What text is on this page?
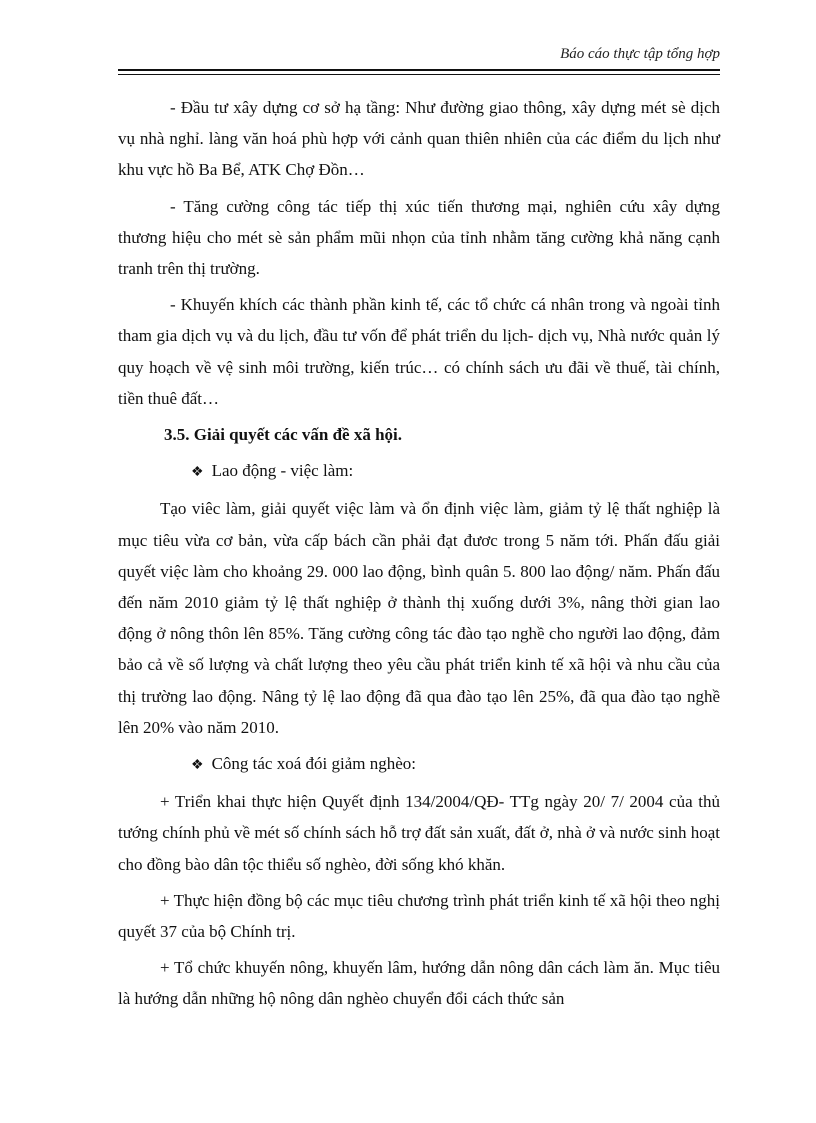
Báo cáo thực tập tổng hợp

- Đầu tư xây dựng cơ sở hạ tầng: Như đường giao thông, xây dựng mét sè dịch vụ nhà nghỉ. làng văn hoá phù hợp với cảnh quan thiên nhiên của các điểm du lịch như khu vực hồ Ba Bể, ATK Chợ Đồn…

- Tăng cường công tác tiếp thị xúc tiến thương mại, nghiên cứu xây dựng thương hiệu cho mét sè sản phẩm mũi nhọn của tỉnh nhằm tăng cường khả năng cạnh tranh trên thị trường.

- Khuyến khích các thành phần kinh tế, các tổ chức cá nhân trong và ngoài tỉnh tham gia dịch vụ và du lịch, đầu tư vốn để phát triển du lịch- dịch vụ, Nhà nước quản lý quy hoạch về vệ sinh môi trường, kiến trúc… có chính sách ưu đãi về thuế, tài chính, tiền thuê đất…

3.5. Giải quyết các vấn đề xã hội.

❖ Lao động - việc làm:

Tạo viêc làm, giải quyết việc làm và ổn định việc làm, giảm tỷ lệ thất nghiệp là mục tiêu vừa cơ bản, vừa cấp bách cần phải đạt đươc trong 5 năm tới. Phấn đấu giải quyết việc làm cho khoảng 29. 000 lao động, bình quân 5. 800 lao động/ năm. Phấn đấu đến năm 2010 giảm tỷ lệ thất nghiệp ở thành thị xuống dưới 3%, nâng thời gian lao động ở nông thôn lên 85%. Tăng cường công tác đào tạo nghề cho người lao động, đảm bảo cả về số lượng và chất lượng theo yêu cầu phát triển kinh tế xã hội và nhu cầu của thị trường lao động. Nâng tỷ lệ lao động đã qua đào tạo lên 25%, đã qua đào tạo nghề lên 20% vào năm 2010.

❖ Công tác xoá đói giảm nghèo:

+ Triển khai thực hiện Quyết định 134/2004/QĐ- TTg ngày 20/ 7/ 2004 của thủ tướng chính phủ về mét số chính sách hỗ trợ đất sản xuất, đất ở, nhà ở và nước sinh hoạt cho đồng bào dân tộc thiểu số nghèo, đời sống khó khăn.

+ Thực hiện đồng bộ các mục tiêu chương trình phát triển kinh tế xã hội theo nghị quyết 37 của bộ Chính trị.

+ Tổ chức khuyến nông, khuyến lâm, hướng dẫn nông dân cách làm ăn. Mục tiêu là hướng dẫn những hộ nông dân nghèo chuyển đổi cách thức sản
